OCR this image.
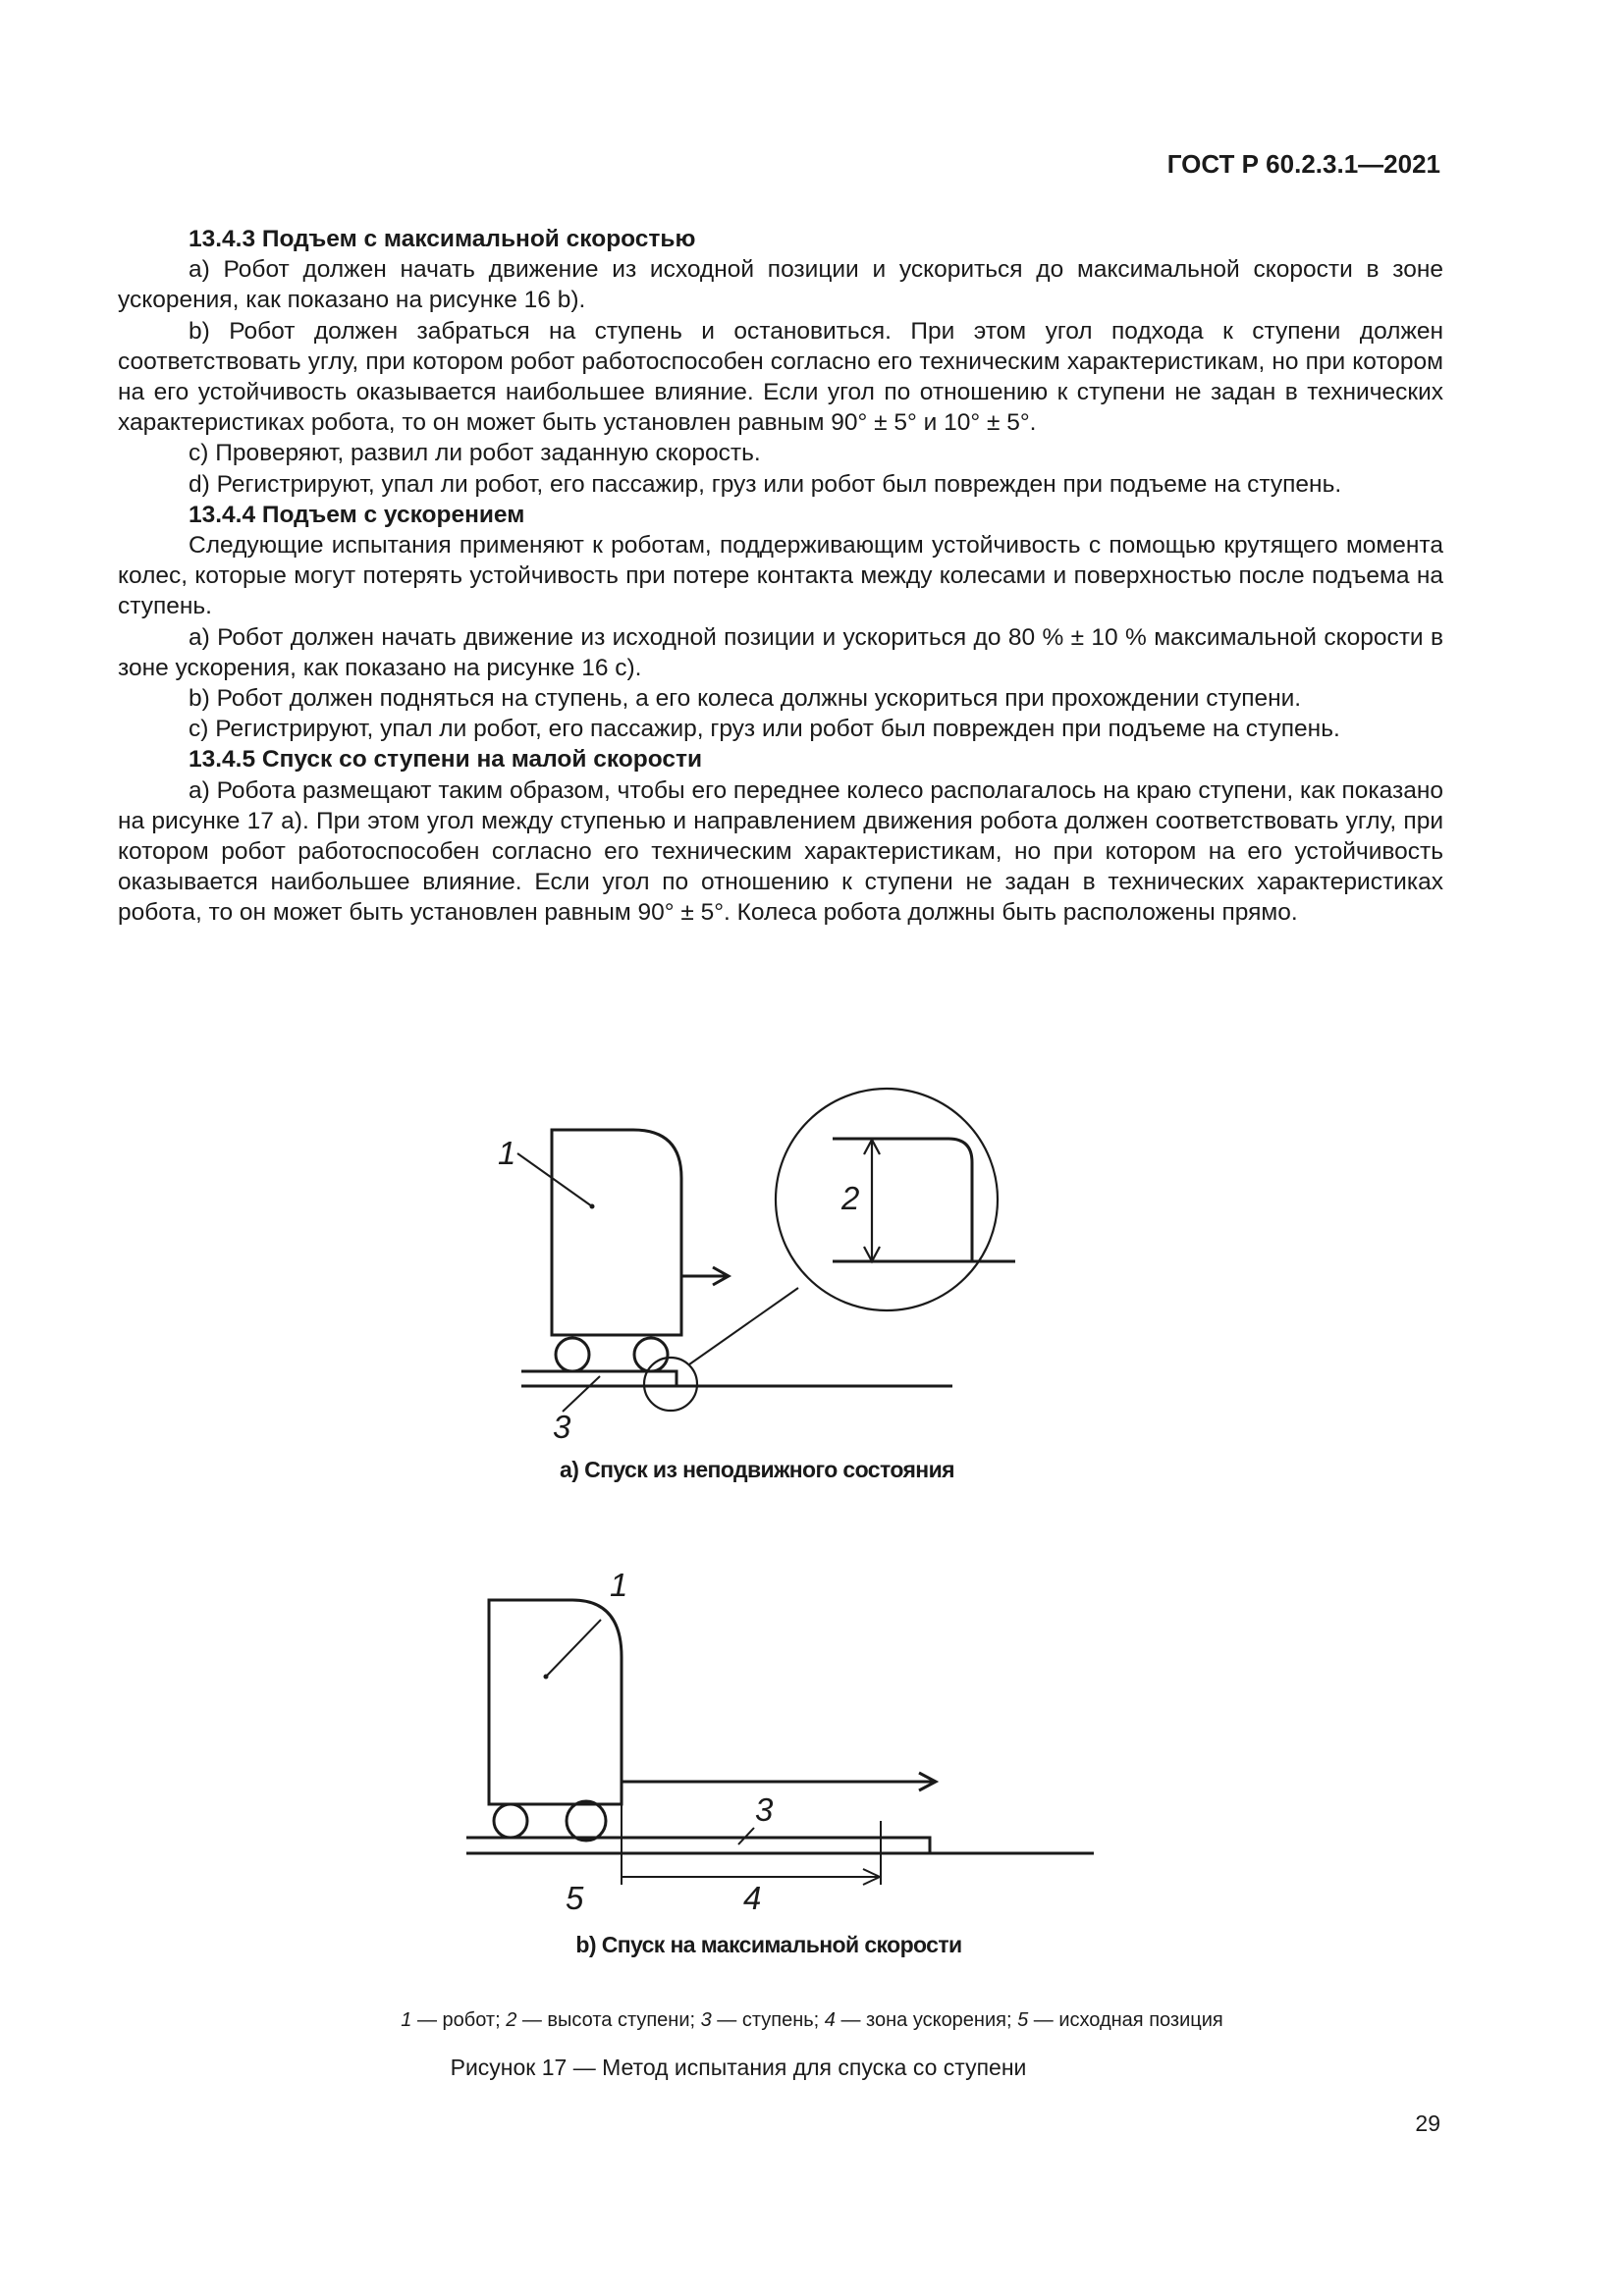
ГОСТ Р 60.2.3.1—2021
13.4.3 Подъем с максимальной скоростью

а) Робот должен начать движение из исходной позиции и ускориться до максимальной скорости в зоне ускорения, как показано на рисунке 16 b).

b) Робот должен забраться на ступень и остановиться. При этом угол подхода к ступени должен соответствовать углу, при котором робот работоспособен согласно его техническим характеристикам, но при котором на его устойчивость оказывается наибольшее влияние. Если угол по отношению к ступени не задан в технических характеристиках робота, то он может быть установлен равным 90° ± 5° и 10° ± 5°.

c) Проверяют, развил ли робот заданную скорость.

d) Регистрируют, упал ли робот, его пассажир, груз или робот был поврежден при подъеме на ступень.

13.4.4 Подъем с ускорением

Следующие испытания применяют к роботам, поддерживающим устойчивость с помощью крутящего момента колес, которые могут потерять устойчивость при потере контакта между колесами и поверхностью после подъема на ступень.

а) Робот должен начать движение из исходной позиции и ускориться до 80 % ± 10 % максимальной скорости в зоне ускорения, как показано на рисунке 16 c).

b) Робот должен подняться на ступень, а его колеса должны ускориться при прохождении ступени.

c) Регистрируют, упал ли робот, его пассажир, груз или робот был поврежден при подъеме на ступень.

13.4.5 Спуск со ступени на малой скорости

а) Робота размещают таким образом, чтобы его переднее колесо располагалось на краю ступени, как показано на рисунке 17 а). При этом угол между ступенью и направлением движения робота должен соответствовать углу, при котором робот работоспособен согласно его техническим характеристикам, но при котором на его устойчивость оказывается наибольшее влияние. Если угол по отношению к ступени не задан в технических характеристиках робота, то он может быть установлен равным 90° ± 5°. Колеса робота должны быть расположены прямо.

1
2
3
1
3
4
5
а) Спуск из неподвижного состояния
b) Спуск на максимальной скорости
1 — робот; 2 — высота ступени; 3 — ступень; 4 — зона ускорения; 5 — исходная позиция
Рисунок 17 — Метод испытания для спуска со ступени
29
